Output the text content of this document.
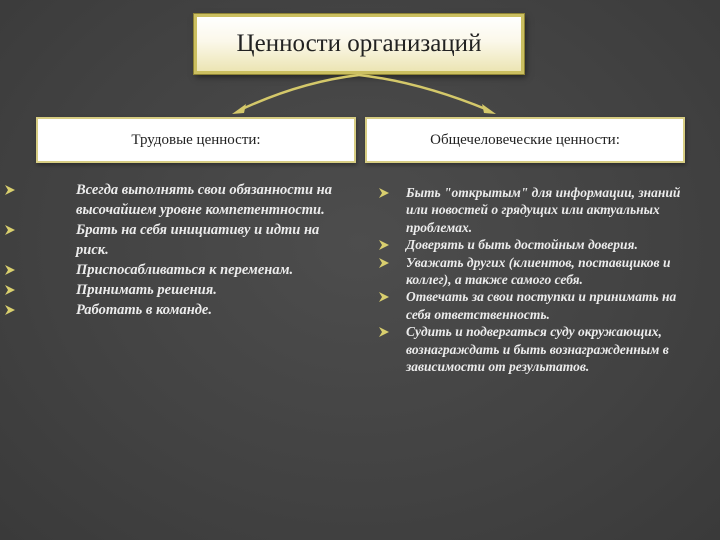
Ценности организаций
Трудовые ценности:	Общечеловеческие ценности:
Всегда выполнять свои обязанности на высочайшем уровне компетентности.
Брать на себя инициативу и идти на риск.
Приспосабливаться к переменам.
Принимать решения.
Работать в команде.
Быть "открытым" для информации, знаний или новостей о грядущих или актуальных проблемах.
Доверять и быть достойным доверия.
Уважать других (клиентов, поставщиков и коллег), а также самого себя.
Отвечать за свои поступки и принимать на себя ответственность.
Судить и подвергаться суду окружающих, вознаграждать и быть вознагражденным в зависимости от результатов.
